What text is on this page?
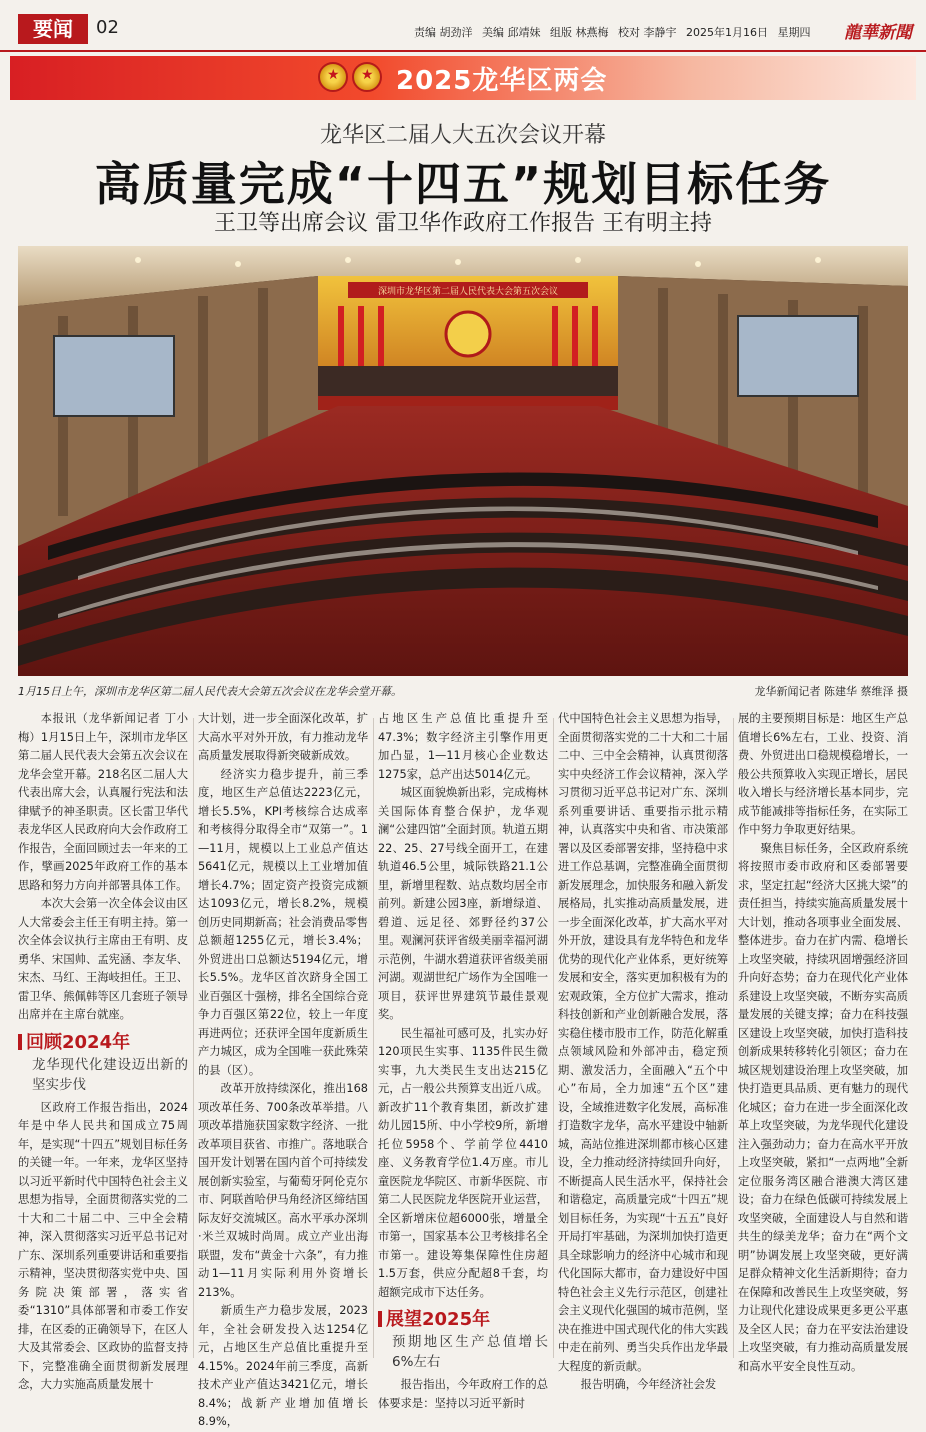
要闻	02	责编 胡劲洋 美编 邱靖妹 组版 林燕梅 校对 李静宇 2025年1月16日 星期四	龍華新聞
★★
2025龙华区两会
龙华区二届人大五次会议开幕
高质量完成“十四五”规划目标任务
王卫等出席会议 雷卫华作政府工作报告 王有明主持
深圳市龙华区第二届人民代表大会第五次会议
1月15日上午，深圳市龙华区第二届人民代表大会第五次会议在龙华会堂开幕。	龙华新闻记者 陈建华 蔡维泽 摄

本报讯（龙华新闻记者 丁小梅）1月15日上午，深圳市龙华区第二届人民代表大会第五次会议在龙华会堂开幕。218名区二届人大代表出席大会，认真履行宪法和法律赋予的神圣职责。区长雷卫华代表龙华区人民政府向大会作政府工作报告，全面回顾过去一年来的工作，擘画2025年政府工作的基本思路和努力方向并部署具体工作。

本次大会第一次全体会议由区人大常委会主任王有明主持。第一次全体会议执行主席由王有明、皮勇华、宋国帅、孟宪涵、李友华、宋杰、马红、王海岐担任。王卫、雷卫华、熊佩韩等区几套班子领导出席并在主席台就座。

回顾2024年
龙华现代化建设迈出新的坚实步伐

区政府工作报告指出，2024年是中华人民共和国成立75周年，是实现“十四五”规划目标任务的关键一年。一年来，龙华区坚持以习近平新时代中国特色社会主义思想为指导，全面贯彻落实党的二十大和二十届二中、三中全会精神，深入贯彻落实习近平总书记对广东、深圳系列重要讲话和重要指示精神，坚决贯彻落实党中央、国务院决策部署，落实省委“1310”具体部署和市委工作安排，在区委的正确领导下，在区人大及其常委会、区政协的监督支持下，完整准确全面贯彻新发展理念，大力实施高质量发展十

大计划，进一步全面深化改革，扩大高水平对外开放，有力推动龙华高质量发展取得新突破新成效。

经济实力稳步提升，前三季度，地区生产总值达2223亿元，增长5.5%，KPI考核综合达成率和考核得分取得全市“双第一”。1—11月，规模以上工业总产值达5641亿元，规模以上工业增加值增长4.7%；固定资产投资完成额达1093亿元，增长8.2%，规模创历史同期新高；社会消费品零售总额超1255亿元，增长3.4%；外贸进出口总额达5194亿元，增长5.5%。龙华区首次跻身全国工业百强区十强榜，排名全国综合竞争力百强区第22位，较上一年度再进两位；还获评全国年度新质生产力城区，成为全国唯一获此殊荣的县（区）。

改革开放持续深化，推出168项改革任务、700条改革举措。八项改革措施获国家数字经济、一批改革项目获省、市推广。落地联合国开发计划署在国内首个可持续发展创新实验室，与葡萄牙阿伦克尔市、阿联酋哈伊马角经济区缔结国际友好交流城区。高水平承办深圳·米兰双城时尚周。成立产业出海联盟，发布“黄金十六条”，有力推动1—11月实际利用外资增长213%。

新质生产力稳步发展，2023年，全社会研发投入达1254亿元，占地区生产总值比重提升至4.15%。2024年前三季度，高新技术产业产值达3421亿元，增长8.4%；战新产业增加值增长8.9%，

占地区生产总值比重提升至47.3%；数字经济主引擎作用更加凸显，1—11月核心企业数达1275家，总产出达5014亿元。

城区面貌焕新出彩，完成梅林关国际体育整合保护，龙华观澜“公建四馆”全面封顶。轨道五期22、25、27号线全面开工，在建轨道46.5公里，城际铁路21.1公里，新增里程数、站点数均居全市前列。新建公园3座，新增绿道、碧道、远足径、郊野径约37公里。观澜河获评省级美丽幸福河湖示范例，牛湖水碧道获评省级美丽河湖。观湖世纪广场作为全国唯一项目，获评世界建筑节最佳景观奖。

民生福祉可感可及，扎实办好120项民生实事、1135件民生微实事，九大类民生支出达215亿元，占一般公共预算支出近八成。新改扩11个教育集团，新改扩建幼儿园15所、中小学校9所，新增托位5958个、学前学位4410座、义务教育学位1.4万座。市儿童医院龙华院区、市新华医院、市第二人民医院龙华医院开业运营，全区新增床位超6000张，增量全市第一，国家基本公卫考核排名全市第一。建设筹集保障性住房超1.5万套，供应分配超8千套，均超额完成市下达任务。

展望2025年
预期地区生产总值增长6%左右

报告指出，今年政府工作的总体要求是：坚持以习近平新时

代中国特色社会主义思想为指导，全面贯彻落实党的二十大和二十届二中、三中全会精神，认真贯彻落实中央经济工作会议精神，深入学习贯彻习近平总书记对广东、深圳系列重要讲话、重要指示批示精神，认真落实中央和省、市决策部署以及区委部署安排，坚持稳中求进工作总基调，完整准确全面贯彻新发展理念，加快服务和融入新发展格局，扎实推动高质量发展，进一步全面深化改革，扩大高水平对外开放，建设具有龙华特色和龙华优势的现代化产业体系，更好统筹发展和安全，落实更加积极有为的宏观政策，全方位扩大需求，推动科技创新和产业创新融合发展，落实稳住楼市股市工作，防范化解重点领域风险和外部冲击，稳定预期、激发活力，全面融入“五个中心”布局，全力加速“五个区”建设，全域推进数字化发展，高标准打造数字龙华，高水平建设中轴新城，高站位推进深圳都市核心区建设，全力推动经济持续回升向好，不断提高人民生活水平，保持社会和谐稳定，高质量完成“十四五”规划目标任务，为实现“十五五”良好开局打牢基础，为深圳加快打造更具全球影响力的经济中心城市和现代化国际大都市，奋力建设好中国特色社会主义先行示范区，创建社会主义现代化强国的城市范例，坚决在推进中国式现代化的伟大实践中走在前列、勇当尖兵作出龙华最大程度的新贡献。

报告明确，今年经济社会发

展的主要预期目标是：地区生产总值增长6%左右，工业、投资、消费、外贸进出口稳规模稳增长，一般公共预算收入实现正增长，居民收入增长与经济增长基本同步，完成节能减排等指标任务，在实际工作中努力争取更好结果。

聚焦目标任务，全区政府系统将按照市委市政府和区委部署要求，坚定扛起“经济大区挑大梁”的责任担当，持续实施高质量发展十大计划，推动各项事业全面发展、整体进步。奋力在扩内需、稳增长上攻坚突破，持续巩固增强经济回升向好态势；奋力在现代化产业体系建设上攻坚突破，不断夯实高质量发展的关键支撑；奋力在科技强区建设上攻坚突破，加快打造科技创新成果转移转化引领区；奋力在城区规划建设治理上攻坚突破，加快打造更具品质、更有魅力的现代化城区；奋力在进一步全面深化改革上攻坚突破，为龙华现代化建设注入强劲动力；奋力在高水平开放上攻坚突破，紧扣“一点两地”全新定位服务湾区融合港澳大湾区建设；奋力在绿色低碳可持续发展上攻坚突破，全面建设人与自然和谐共生的绿美龙华；奋力在“两个文明”协调发展上攻坚突破，更好满足群众精神文化生活新期待；奋力在保障和改善民生上攻坚突破，努力让现代化建设成果更多更公平惠及全区人民；奋力在平安法治建设上攻坚突破，有力推动高质量发展和高水平安全良性互动。
